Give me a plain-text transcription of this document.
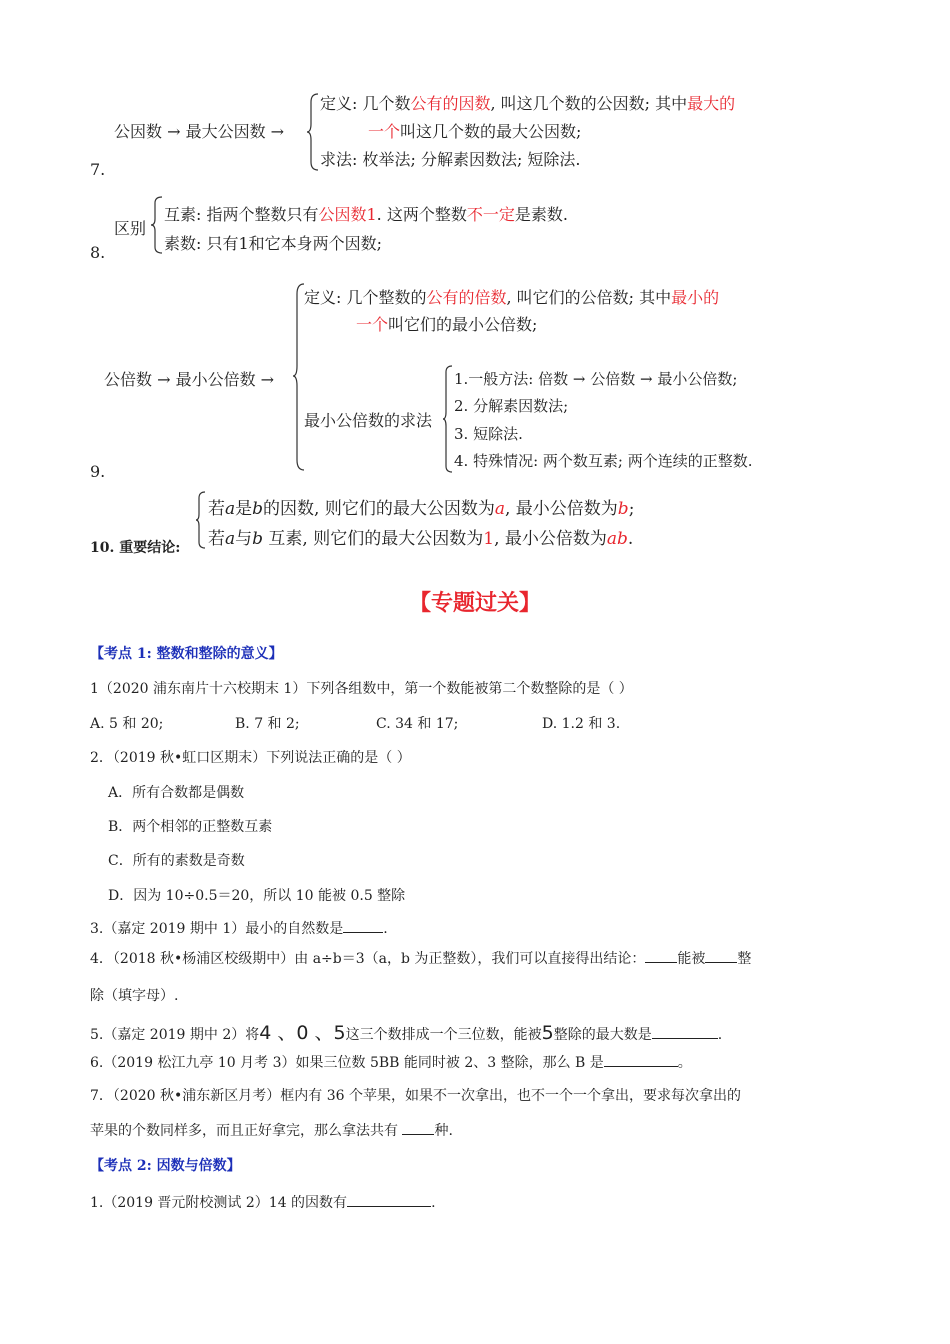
7.
公因数 → 最大公因数 →
定义: 几个数公有的因数, 叫这几个数的公因数; 其中最大的
一个叫这几个数的最大公因数;
求法: 枚举法; 分解素因数法; 短除法.
8.
区别
互素: 指两个整数只有公因数1. 这两个整数不一定是素数.
素数: 只有1和它本身两个因数;
9.
公倍数 → 最小公倍数 →
定义: 几个整数的公有的倍数, 叫它们的公倍数; 其中最小的
一个叫它们的最小公倍数;
最小公倍数的求法
1.一般方法: 倍数 → 公倍数 → 最小公倍数;
2. 分解素因数法;
3. 短除法.
4. 特殊情况: 两个数互素; 两个连续的正整数.
10. 重要结论:
若a是b的因数, 则它们的最大公因数为a, 最小公倍数为b;
若a与b 互素, 则它们的最大公因数为1, 最小公倍数为ab.
【专题过关】
【考点 1: 整数和整除的意义】
1（2020 浦东南片十六校期末 1）下列各组数中，第一个数能被第二个数整除的是（ ）
A. 5 和 20;	B. 7 和 2;	C. 34 和 17;	D. 1.2 和 3.
2．（2019 秋•虹口区期末）下列说法正确的是（ ）
A．所有合数都是偶数
B．两个相邻的正整数互素
C．所有的素数是奇数
D．因为 10÷0.5＝20，所以 10 能被 0.5 整除
3.（嘉定 2019 期中 1）最小的自然数是	.
4．（2018 秋•杨浦区校级期中）由 a÷b＝3（a，b 为正整数），我们可以直接得出结论： 能被 整
除（填字母）.
5.（嘉定 2019 期中 2）将4 、0 、5这三个数排成一个三位数，能被5整除的最大数是	.
6.（2019 松江九亭 10 月考 3）如果三位数 5BB 能同时被 2、3 整除，那么 B 是	。
7．（2020 秋•浦东新区月考）框内有 36 个苹果，如果不一次拿出，也不一个一个拿出，要求每次拿出的
苹果的个数同样多，而且正好拿完，那么拿法共有 种.
【考点 2: 因数与倍数】
1.（2019 晋元附校测试 2）14 的因数有	.
